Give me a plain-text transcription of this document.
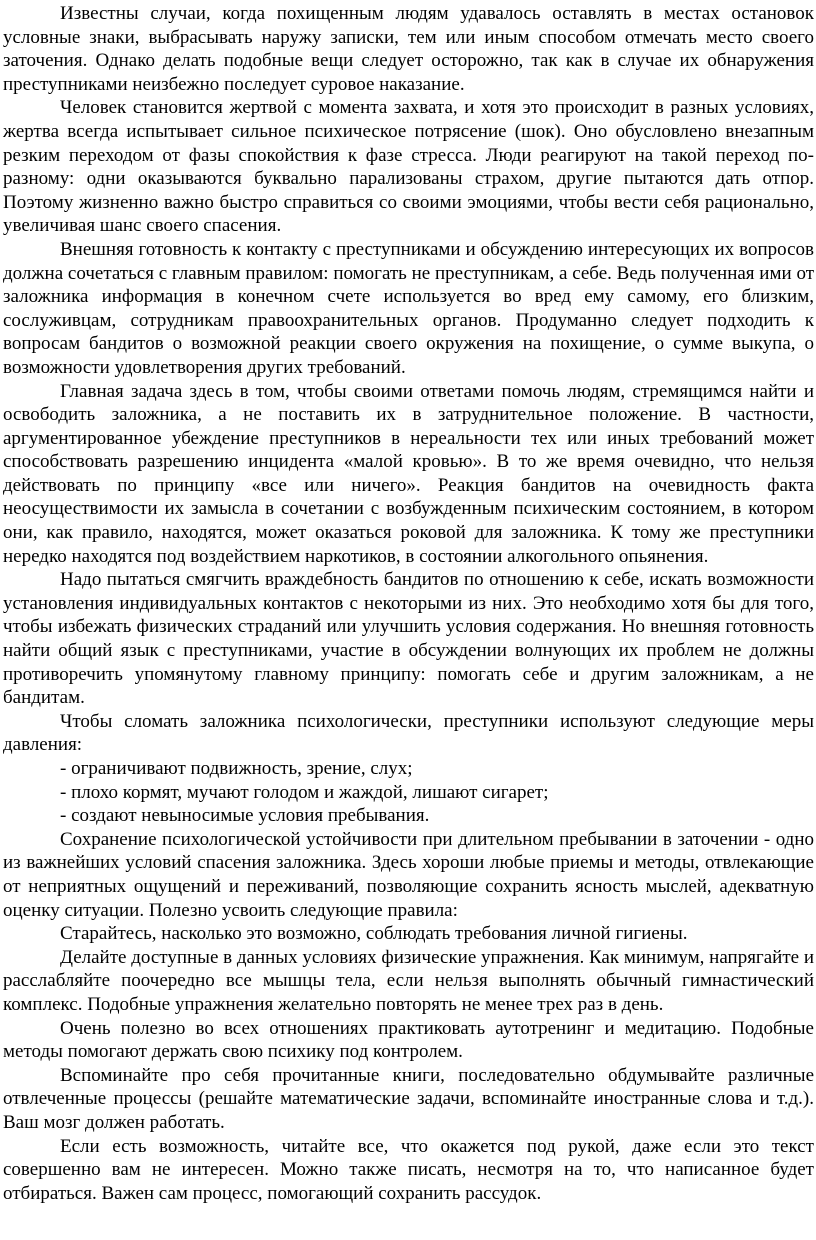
Известны случаи, когда похищенным людям удавалось оставлять в местах остановок условные знаки, выбрасывать наружу записки, тем или иным способом отмечать место своего заточения. Однако делать подобные вещи следует осторожно, так как в случае их обнаружения преступниками неизбежно последует суровое наказание.

Человек становится жертвой с момента захвата, и хотя это происходит в разных условиях, жертва всегда испытывает сильное психическое потрясение (шок). Оно обусловлено внезапным резким переходом от фазы спокойствия к фазе стресса. Люди реагируют на такой переход по-разному: одни оказываются буквально парализованы страхом, другие пытаются дать отпор. Поэтому жизненно важно быстро справиться со своими эмоциями, чтобы вести себя рационально, увеличивая шанс своего спасения.

Внешняя готовность к контакту с преступниками и обсуждению интересующих их вопросов должна сочетаться с главным правилом: помогать не преступникам, а себе. Ведь полученная ими от заложника информация в конечном счете используется во вред ему самому, его близким, сослуживцам, сотрудникам правоохранительных органов. Продуманно следует подходить к вопросам бандитов о возможной реакции своего окружения на похищение, о сумме выкупа, о возможности удовлетворения других требований.

Главная задача здесь в том, чтобы своими ответами помочь людям, стремящимся найти и освободить заложника, а не поставить их в затруднительное положение. В частности, аргументированное убеждение преступников в нереальности тех или иных требований может способствовать разрешению инцидента «малой кровью». В то же время очевидно, что нельзя действовать по принципу «все или ничего». Реакция бандитов на очевидность факта неосуществимости их замысла в сочетании с возбужденным психическим состоянием, в котором они, как правило, находятся, может оказаться роковой для заложника. К тому же преступники нередко находятся под воздействием наркотиков, в состоянии алкогольного опьянения.

Надо пытаться смягчить враждебность бандитов по отношению к себе, искать возможности установления индивидуальных контактов с некоторыми из них. Это необходимо хотя бы для того, чтобы избежать физических страданий или улучшить условия содержания. Но внешняя готовность найти общий язык с преступниками, участие в обсуждении волнующих их проблем не должны противоречить упомянутому главному принципу: помогать себе и другим заложникам, а не бандитам.

Чтобы сломать заложника психологически, преступники используют следующие меры давления:

- ограничивают подвижность, зрение, слух;

- плохо кормят, мучают голодом и жаждой, лишают сигарет;

- создают невыносимые условия пребывания.

Сохранение психологической устойчивости при длительном пребывании в заточении - одно из важнейших условий спасения заложника. Здесь хороши любые приемы и методы, отвлекающие от неприятных ощущений и переживаний, позволяющие сохранить ясность мыслей, адекватную оценку ситуации. Полезно усвоить следующие правила:

Старайтесь, насколько это возможно, соблюдать требования личной гигиены.

Делайте доступные в данных условиях физические упражнения. Как минимум, напрягайте и расслабляйте поочередно все мышцы тела, если нельзя выполнять обычный гимнастический комплекс. Подобные упражнения желательно повторять не менее трех раз в день.

Очень полезно во всех отношениях практиковать аутотренинг и медитацию. Подобные методы помогают держать свою психику под контролем.

Вспоминайте про себя прочитанные книги, последовательно обдумывайте различные отвлеченные процессы (решайте математические задачи, вспоминайте иностранные слова и т.д.). Ваш мозг должен работать.

Если есть возможность, читайте все, что окажется под рукой, даже если это текст совершенно вам не интересен. Можно также писать, несмотря на то, что написанное будет отбираться. Важен сам процесс, помогающий сохранить рассудок.
